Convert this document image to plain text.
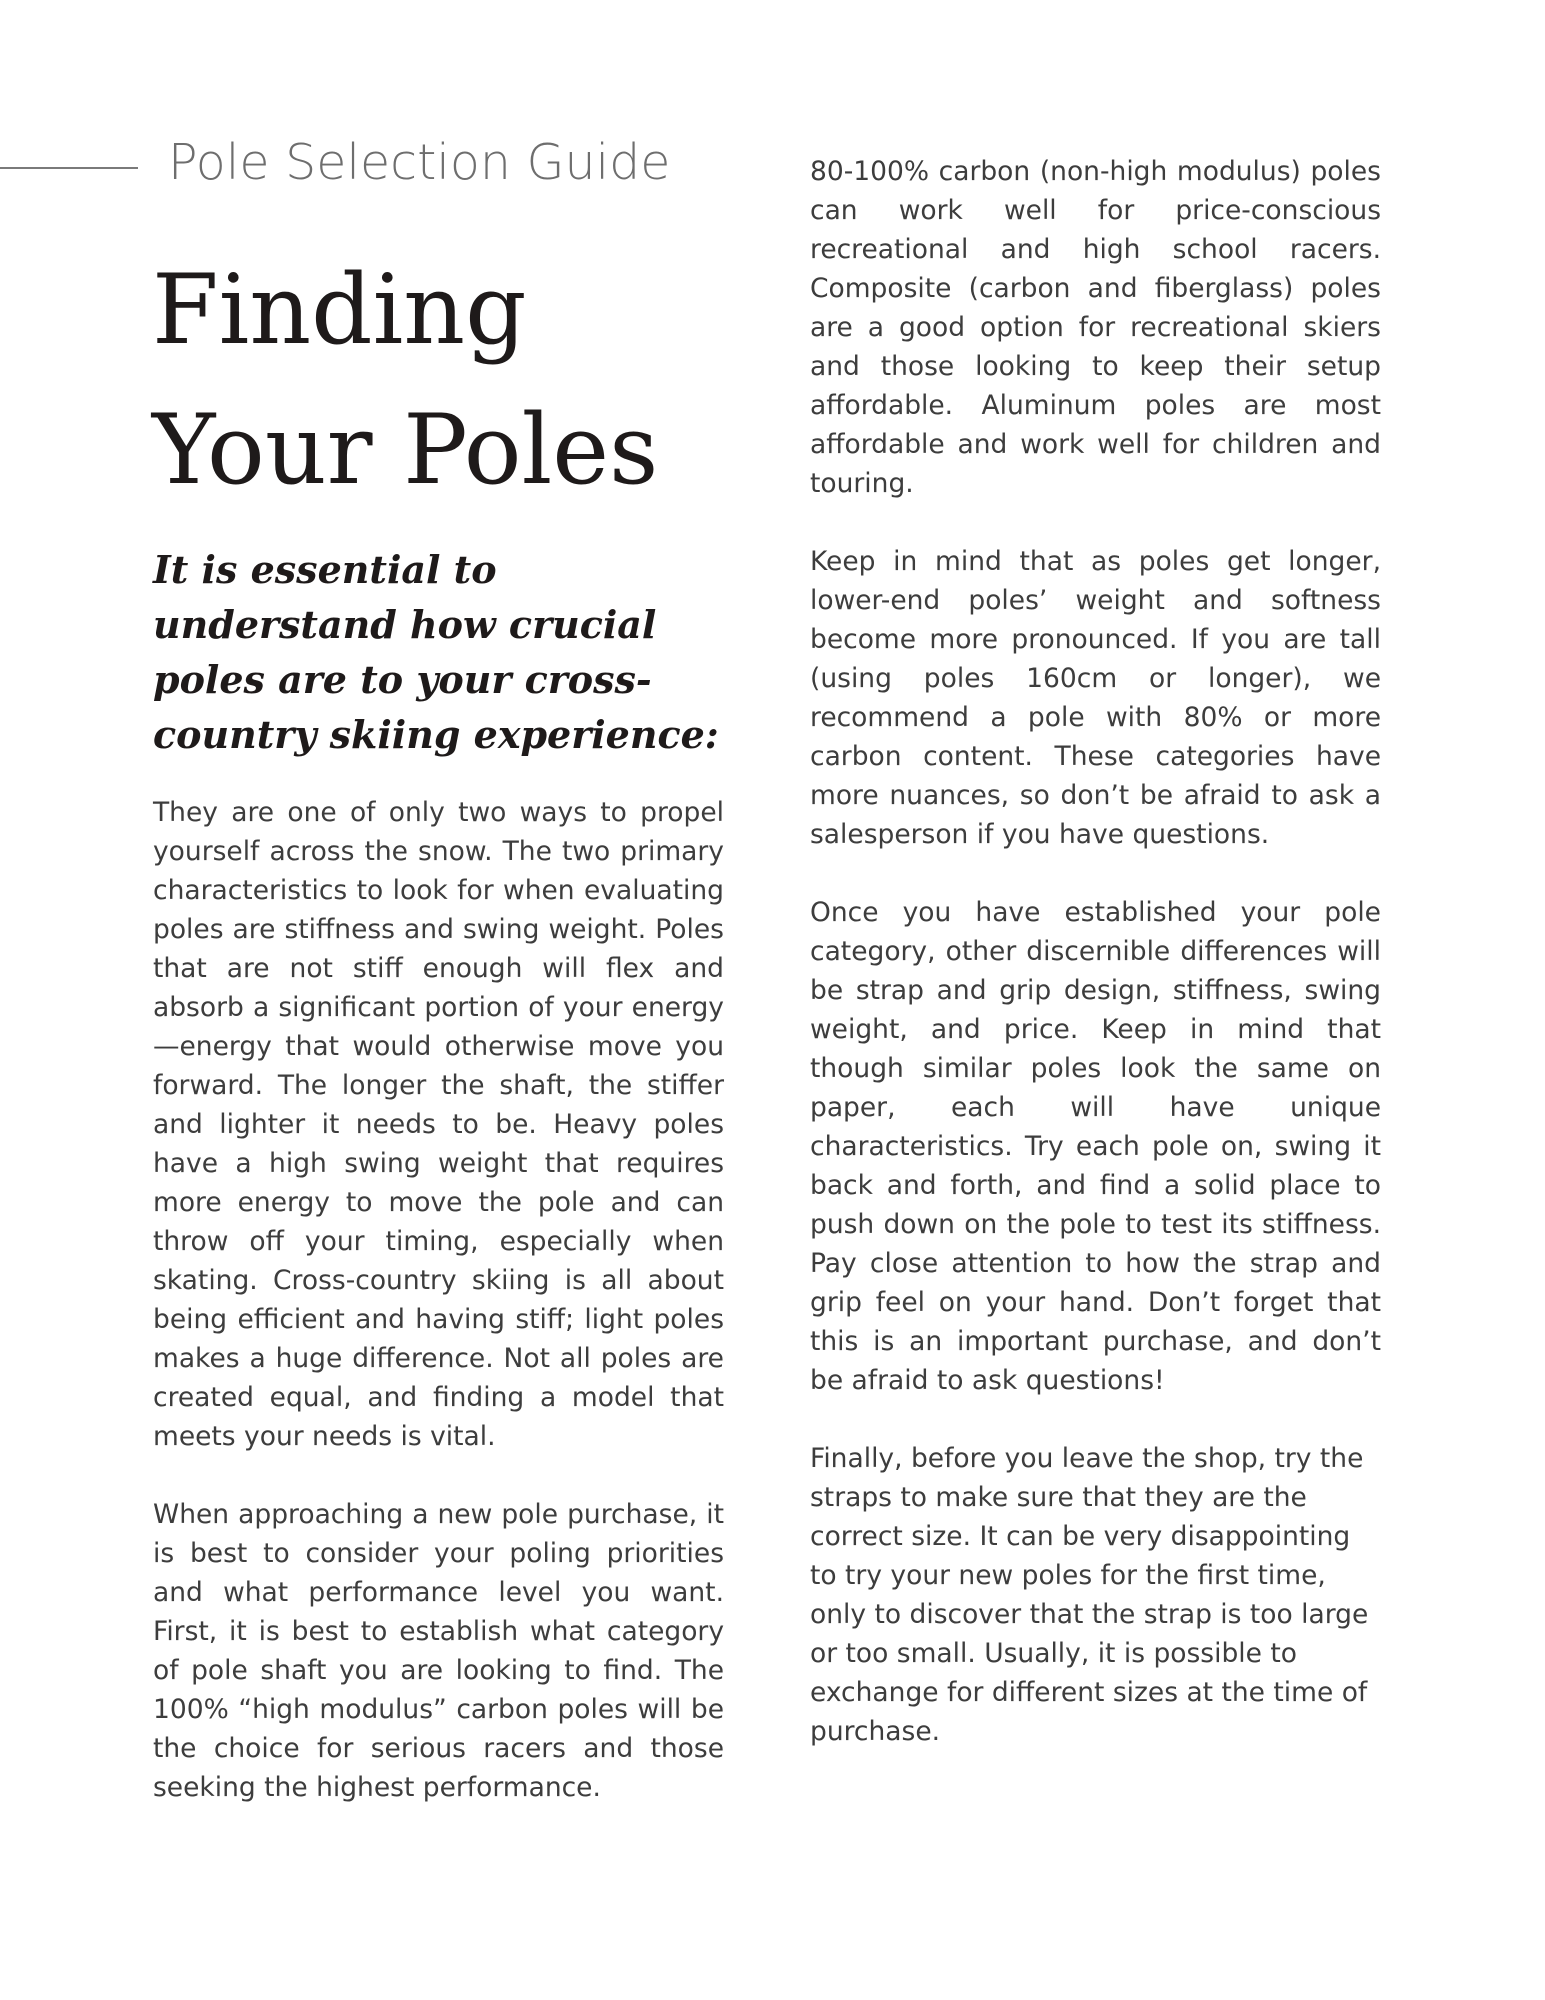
Pole Selection Guide
Finding
Your Poles

It is essential to understand how crucial poles are to your cross-country skiing experience:

They are one of only two ways to propel yourself across the snow. The two primary characteristics to look for when evaluating poles are stiffness and swing weight. Poles that are not stiff enough will flex and absorb a significant portion of your energy—energy that would otherwise move you forward. The longer the shaft, the stiffer and lighter it needs to be. Heavy poles have a high swing weight that requires more energy to move the pole and can throw off your timing, especially when skating. Cross-country skiing is all about being efficient and having stiff; light poles makes a huge difference. Not all poles are created equal, and finding a model that meets your needs is vital.

When approaching a new pole purchase, it is best to consider your poling priorities and what performance level you want. First, it is best to establish what category of pole shaft you are looking to find. The 100% “high modulus” carbon poles will be the choice for serious racers and those seeking the highest performance.

80-100% carbon (non-high modulus) poles can work well for price-conscious recreational and high school racers. Composite (carbon and fiberglass) poles are a good option for recreational skiers and those looking to keep their setup affordable. Aluminum poles are most affordable and work well for children and touring.

Keep in mind that as poles get longer, lower-end poles’ weight and softness become more pronounced. If you are tall (using poles 160cm or longer), we recommend a pole with 80% or more carbon content. These categories have more nuances, so don’t be afraid to ask a salesperson if you have questions.

Once you have established your pole category, other discernible differences will be strap and grip design, stiffness, swing weight, and price. Keep in mind that though similar poles look the same on paper, each will have unique characteristics. Try each pole on, swing it back and forth, and find a solid place to push down on the pole to test its stiffness. Pay close attention to how the strap and grip feel on your hand. Don’t forget that this is an important purchase, and don’t be afraid to ask questions!

Finally, before you leave the shop, try the straps to make sure that they are the correct size. It can be very disappointing to try your new poles for the first time, only to discover that the strap is too large or too small. Usually, it is possible to exchange for different sizes at the time of purchase.
